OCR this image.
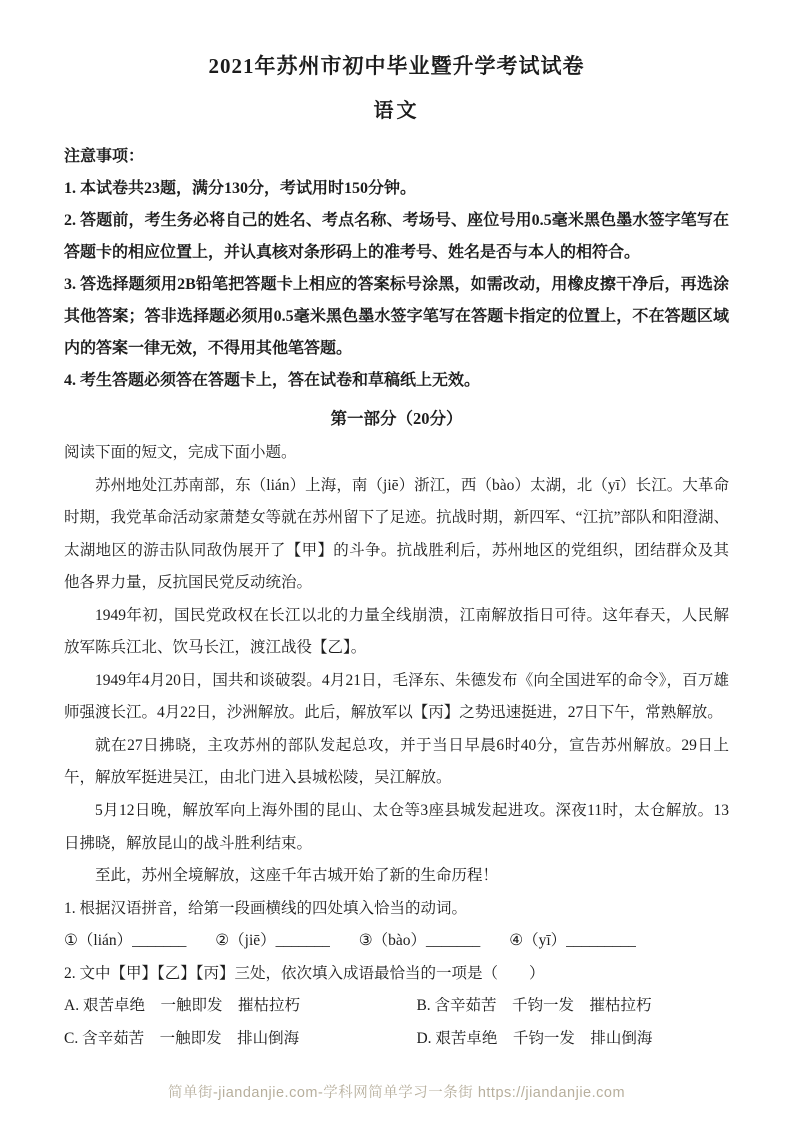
2021年苏州市初中毕业暨升学考试试卷
语文
注意事项：

1. 本试卷共23题，满分130分，考试用时150分钟。

2. 答题前，考生务必将自己的姓名、考点名称、考场号、座位号用0.5毫米黑色墨水签字笔写在答题卡的相应位置上，并认真核对条形码上的准考号、姓名是否与本人的相符合。

3. 答选择题须用2B铅笔把答题卡上相应的答案标号涂黑，如需改动，用橡皮擦干净后，再选涂其他答案；答非选择题必须用0.5毫米黑色墨水签字笔写在答题卡指定的位置上，不在答题区域内的答案一律无效，不得用其他笔答题。

4. 考生答题必须答在答题卡上，答在试卷和草稿纸上无效。

第一部分（20分）

阅读下面的短文，完成下面小题。

苏州地处江苏南部，东（lián）上海，南（jiē）浙江，西（bào）太湖，北（yī）长江。大革命时期，我党革命活动家萧楚女等就在苏州留下了足迹。抗战时期，新四军、“江抗”部队和阳澄湖、太湖地区的游击队同敌伪展开了【甲】的斗争。抗战胜利后，苏州地区的党组织，团结群众及其他各界力量，反抗国民党反动统治。

1949年初，国民党政权在长江以北的力量全线崩溃，江南解放指日可待。这年春天，人民解放军陈兵江北、饮马长江，渡江战役【乙】。

1949年4月20日，国共和谈破裂。4月21日，毛泽东、朱德发布《向全国进军的命令》，百万雄师强渡长江。4月22日，沙洲解放。此后，解放军以【丙】之势迅速挺进，27日下午，常熟解放。

就在27日拂晓，主攻苏州的部队发起总攻，并于当日早晨6时40分，宣告苏州解放。29日上午，解放军挺进吴江，由北门进入县城松陵，吴江解放。

5月12日晚，解放军向上海外围的昆山、太仓等3座县城发起进攻。深夜11时，太仓解放。13日拂晓，解放昆山的战斗胜利结束。

至此，苏州全境解放，这座千年古城开始了新的生命历程！

1. 根据汉语拼音，给第一段画横线的四处填入恰当的动词。

①（lián）_______ ②（jiē）_______ ③（bào）_______ ④（yī）_________

2. 文中【甲】【乙】【丙】三处，依次填入成语最恰当的一项是（　　）

A. 艰苦卓绝　一触即发　摧枯拉朽	B. 含辛茹苦　千钧一发　摧枯拉朽
C. 含辛茹苦　一触即发　排山倒海	D. 艰苦卓绝　千钧一发　排山倒海
简单街-jiandanjie.com-学科网简单学习一条街 https://jiandanjie.com
